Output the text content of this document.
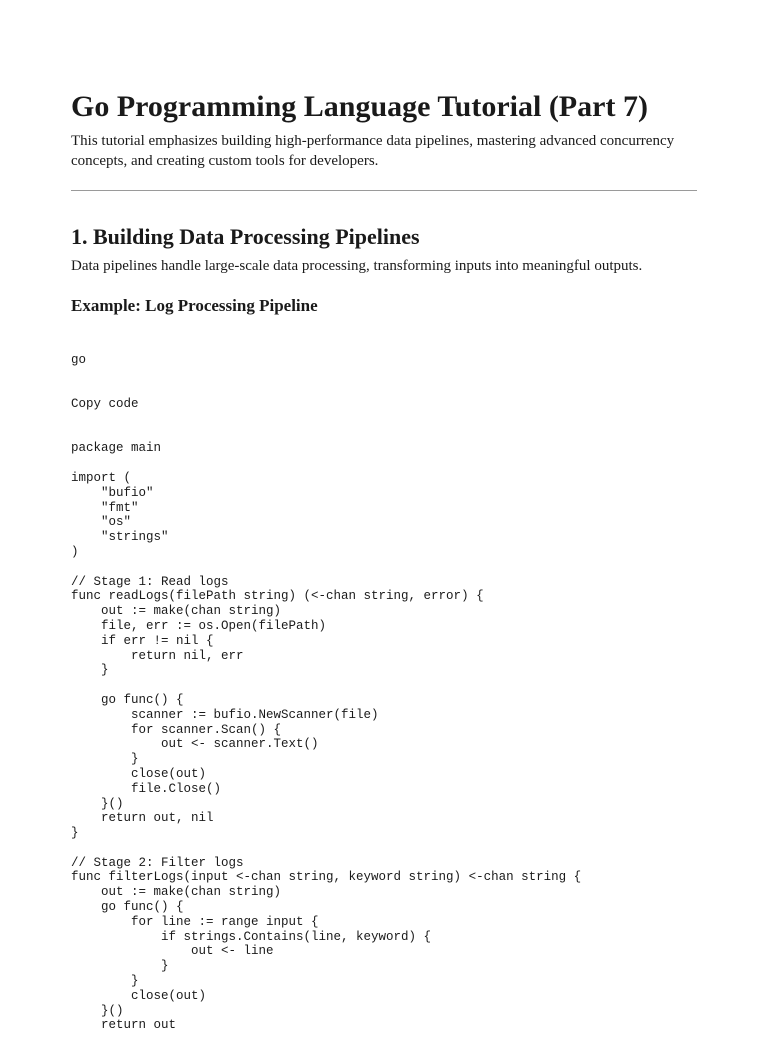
Go Programming Language Tutorial (Part 7)

This tutorial emphasizes building high-performance data pipelines, mastering advanced concurrency concepts, and creating custom tools for developers.

1. Building Data Processing Pipelines

Data pipelines handle large-scale data processing, transforming inputs into meaningful outputs.

Example: Log Processing Pipeline

go

Copy code

package main
import (
"bufio"
"fmt"
"os"
"strings"
)
// Stage 1: Read logs
func readLogs(filePath string) (<-chan string, error) {
out := make(chan string)
file, err := os.Open(filePath)
if err != nil {
return nil, err
}
go func() {
scanner := bufio.NewScanner(file)
for scanner.Scan() {
out <- scanner.Text()
}
close(out)
file.Close()
}()
return out, nil
}
// Stage 2: Filter logs
func filterLogs(input <-chan string, keyword string) <-chan string {
out := make(chan string)
go func() {
for line := range input {
if strings.Contains(line, keyword) {
out <- line
}
}
close(out)
}()
return out
